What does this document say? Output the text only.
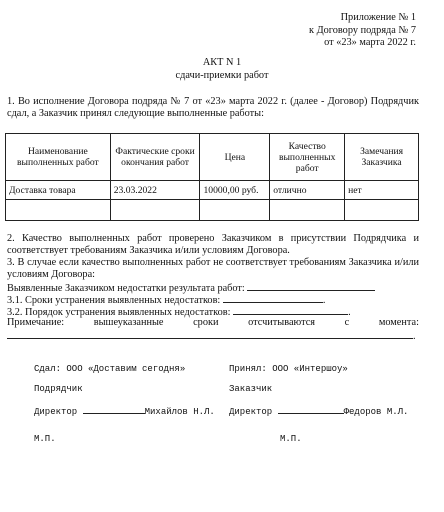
Приложение № 1
к Договору подряда № 7
от «23» марта 2022 г.
АКТ N 1
сдачи-приемки работ
1. Во исполнение Договора подряда № 7 от «23» марта 2022 г. (далее - Договор) Подрядчик сдал, а Заказчик принял следующие выполненные работы:
Наименование выполненных работ	Фактические сроки окончания работ	Цена	Качество выполненных работ	Замечания Заказчика
Доставка товара	23.03.2022	10000,00 руб.	отлично	нет

2. Качество выполненных работ проверено Заказчиком в присутствии Подрядчика и соответствует требованиям Заказчика и/или условиям Договора.
3. В случае если качество выполненных работ не соответствует требованиям Заказчика и/или условиям Договора:
Выявленные Заказчиком недостатки результата работ:
3.1. Сроки устранения выявленных недостатков:	.
3.2. Порядок устранения выявленных недостатков:	.
Примечание:	вышеуказанные	сроки	отсчитываются	с	момента:
.
Сдал: ООО «Доставим сегодня»	Принял: ООО «Интершоу»
Подрядчик	Заказчик
Директор	Михайлов Н.Л. Директор	Федоров М.Л.
М.П.	М.П.
